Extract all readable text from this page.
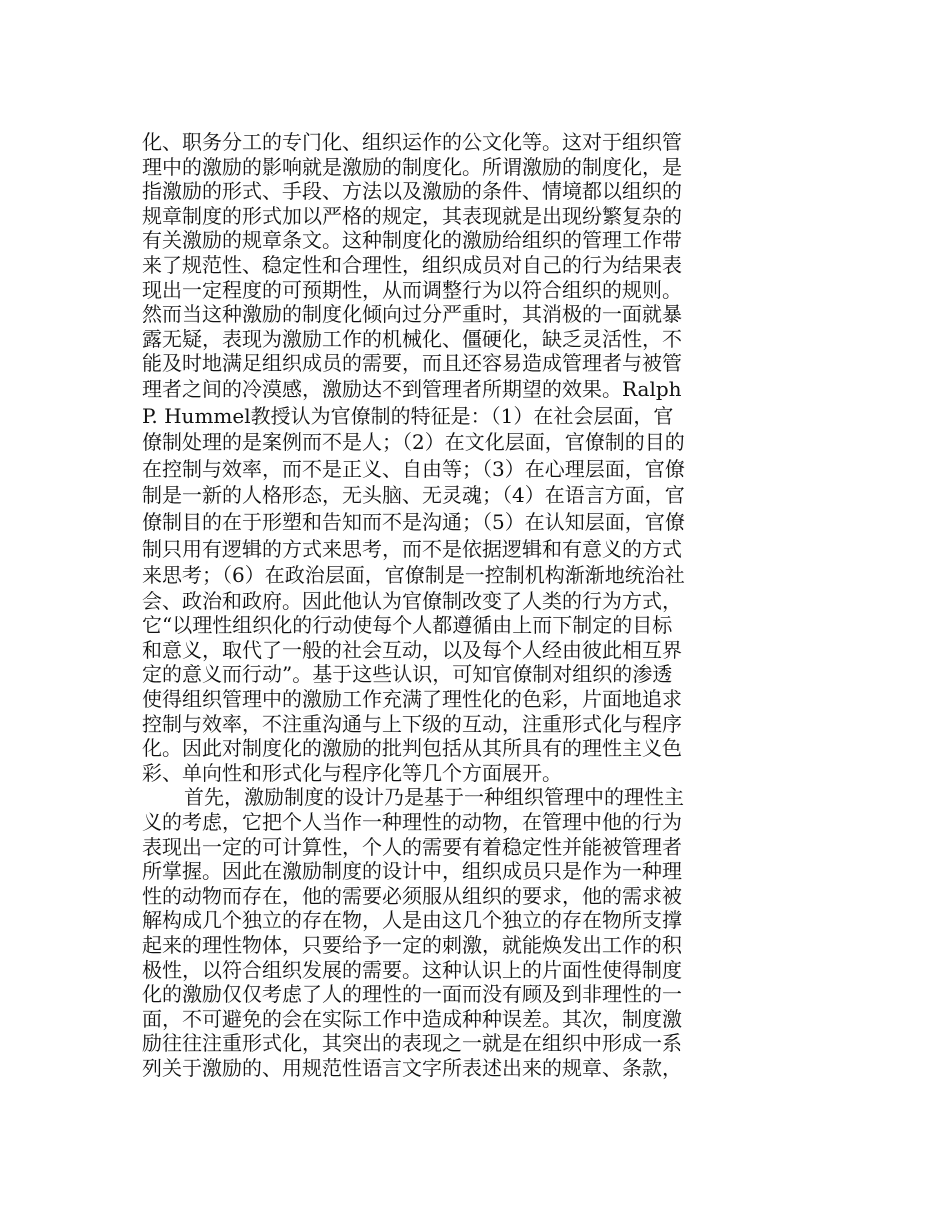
化、职务分工的专门化、组织运作的公文化等。这对于组织管
理中的激励的影响就是激励的制度化。所谓激励的制度化，是
指激励的形式、手段、方法以及激励的条件、情境都以组织的
规章制度的形式加以严格的规定，其表现就是出现纷繁复杂的
有关激励的规章条文。这种制度化的激励给组织的管理工作带
来了规范性、稳定性和合理性，组织成员对自己的行为结果表
现出一定程度的可预期性，从而调整行为以符合组织的规则。
然而当这种激励的制度化倾向过分严重时，其消极的一面就暴
露无疑，表现为激励工作的机械化、僵硬化，缺乏灵活性，不
能及时地满足组织成员的需要，而且还容易造成管理者与被管
理者之间的冷漠感，激励达不到管理者所期望的效果。Ralph
P. Hummel教授认为官僚制的特征是：（1）在社会层面，官
僚制处理的是案例而不是人；（2）在文化层面，官僚制的目的
在控制与效率，而不是正义、自由等；（3）在心理层面，官僚
制是一新的人格形态，无头脑、无灵魂；（4）在语言方面，官
僚制目的在于形塑和告知而不是沟通；（5）在认知层面，官僚
制只用有逻辑的方式来思考，而不是依据逻辑和有意义的方式
来思考；（6）在政治层面，官僚制是一控制机构渐渐地统治社
会、政治和政府。因此他认为官僚制改变了人类的行为方式，
它“以理性组织化的行动使每个人都遵循由上而下制定的目标
和意义，取代了一般的社会互动，以及每个人经由彼此相互界
定的意义而行动”。基于这些认识，可知官僚制对组织的渗透
使得组织管理中的激励工作充满了理性化的色彩，片面地追求
控制与效率，不注重沟通与上下级的互动，注重形式化与程序
化。因此对制度化的激励的批判包括从其所具有的理性主义色
彩、单向性和形式化与程序化等几个方面展开。
首先，激励制度的设计乃是基于一种组织管理中的理性主
义的考虑，它把个人当作一种理性的动物，在管理中他的行为
表现出一定的可计算性，个人的需要有着稳定性并能被管理者
所掌握。因此在激励制度的设计中，组织成员只是作为一种理
性的动物而存在，他的需要必须服从组织的要求，他的需求被
解构成几个独立的存在物，人是由这几个独立的存在物所支撑
起来的理性物体，只要给予一定的刺激，就能焕发出工作的积
极性，以符合组织发展的需要。这种认识上的片面性使得制度
化的激励仅仅考虑了人的理性的一面而没有顾及到非理性的一
面，不可避免的会在实际工作中造成种种误差。其次，制度激
励往往注重形式化，其突出的表现之一就是在组织中形成一系
列关于激励的、用规范性语言文字所表述出来的规章、条款，
